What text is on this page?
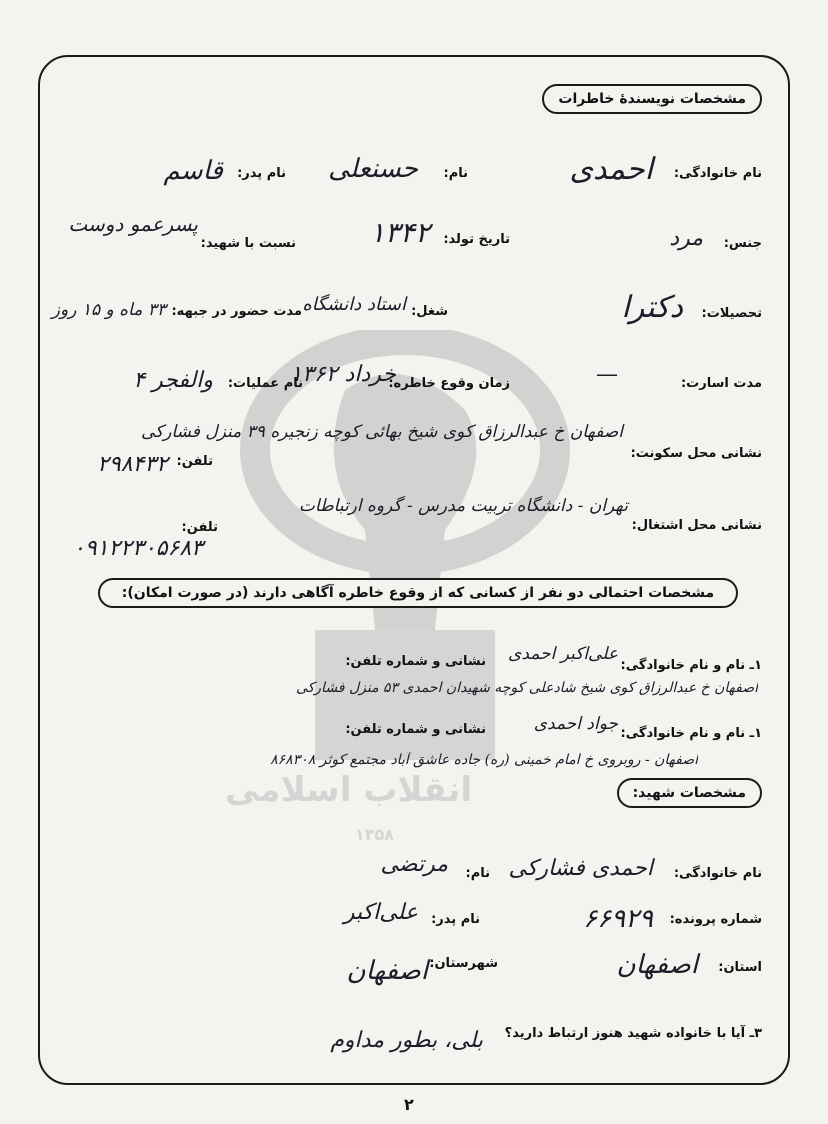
انقلاب اسلامی
۱۳۵۸
مشخصات نویسندهٔ خاطرات
نام خانوادگی:
احمدی
نام:
حسنعلی
نام پدر:
قاسم
جنس:
مرد
تاریخ تولد:
۱۳۴۲
نسبت با شهید:
پسرعمو دوست
تحصیلات:
دکترا
شغل:
استاد دانشگاه
مدت حضور در جبهه:
۳۳ ماه و ۱۵ روز
مدت اسارت:
—
زمان وقوع خاطره:
خرداد ۱۳۶۲
نام عملیات:
والفجر ۴
نشانی محل سکونت:
اصفهان خ عبدالرزاق کوی شیخ بهائی کوچه زنجیره ۳۹ منزل فشارکی
تلفن:
۲۹۸۴۳۲
نشانی محل اشتغال:
تهران - دانشگاه تربیت مدرس - گروه ارتباطات
تلفن:
۰۹۱۲۲۳۰۵۶۸۳
مشخصات احتمالی دو نفر از کسانی که از وقوع خاطره آگاهی دارند (در صورت امکان):
۱ـ نام و نام خانوادگی:
علی‌اکبر احمدی
نشانی و شماره تلفن:
اصفهان خ عبدالرزاق کوی شیخ شادعلی کوچه شهیدان احمدی ۵۳ منزل فشارکی
۱ـ نام و نام خانوادگی:
جواد احمدی
نشانی و شماره تلفن:
اصفهان - روبروی خ امام خمینی (ره) جاده عاشق آباد مجتمع کوثر ۸۶۸۳۰۸
مشخصات شهید:
نام خانوادگی:
احمدی فشارکی
نام:
مرتضی
شماره پرونده:
۶۶۹۲۹
نام پدر:
علی‌اکبر
استان:
اصفهان
شهرستان:
اصفهان
۳ـ آیا با خانواده شهید هنوز ارتباط دارید؟
بلی، بطور مداوم
۲
